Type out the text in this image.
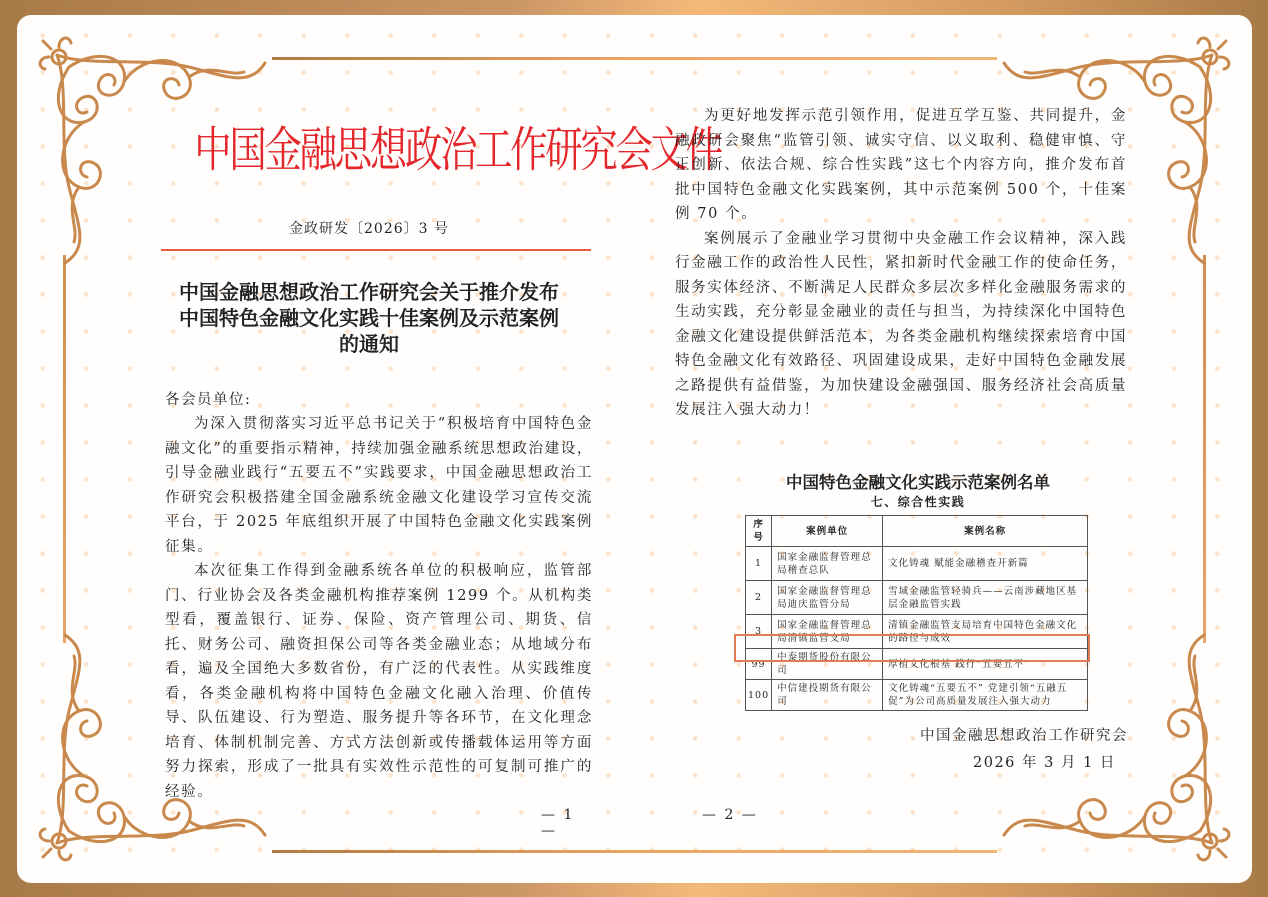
中国金融思想政治工作研究会文件
金政研发〔2026〕3 号
中国金融思想政治工作研究会关于推介发布
中国特色金融文化实践十佳案例及示范案例
的通知
各会员单位:

为深入贯彻落实习近平总书记关于“积极培育中国特色金融文化”的重要指示精神，持续加强金融系统思想政治建设，引导金融业践行“五要五不”实践要求，中国金融思想政治工作研究会积极搭建全国金融系统金融文化建设学习宣传交流平台，于 2025 年底组织开展了中国特色金融文化实践案例征集。

本次征集工作得到金融系统各单位的积极响应，监管部门、行业协会及各类金融机构推荐案例 1299 个。从机构类型看，覆盖银行、证券、保险、资产管理公司、期货、信托、财务公司、融资担保公司等各类金融业态；从地域分布看，遍及全国绝大多数省份，有广泛的代表性。从实践维度看，各类金融机构将中国特色金融文化融入治理、价值传导、队伍建设、行为塑造、服务提升等各环节，在文化理念培育、体制机制完善、方式方法创新或传播载体运用等方面努力探索，形成了一批具有实效性示范性的可复制可推广的经验。

— 1 —

为更好地发挥示范引领作用，促进互学互鉴、共同提升，金融政研会聚焦“监管引领、诚实守信、以义取利、稳健审慎、守正创新、依法合规、综合性实践”这七个内容方向，推介发布首批中国特色金融文化实践案例，其中示范案例 500 个，十佳案例 70 个。

案例展示了金融业学习贯彻中央金融工作会议精神，深入践行金融工作的政治性人民性，紧扣新时代金融工作的使命任务，服务实体经济、不断满足人民群众多层次多样化金融服务需求的生动实践，充分彰显金融业的责任与担当，为持续深化中国特色金融文化建设提供鲜活范本，为各类金融机构继续探索培育中国特色金融文化有效路径、巩固建设成果，走好中国特色金融发展之路提供有益借鉴，为加快建设金融强国、服务经济社会高质量发展注入强大动力！

中国特色金融文化实践示范案例名单
七、综合性实践
序号	案例单位	案例名称
1	国家金融监督管理总局稽查总队	文化铸魂 赋能金融稽查开新篇
2	国家金融监督管理总局迪庆监管分局	雪域金融监管轻骑兵——云南涉藏地区基层金融监管实践
3	国家金融监督管理总局清镇监管支局	清镇金融监管支局培育中国特色金融文化的路径与成效
99	中泰期货股份有限公司	厚植文化根基 践行“五要五不”
100	中信建投期货有限公司	文化铸魂“五要五不” 党建引领“五融五促”为公司高质量发展注入强大动力
中国金融思想政治工作研究会
2026 年 3 月 1 日
— 2 —
